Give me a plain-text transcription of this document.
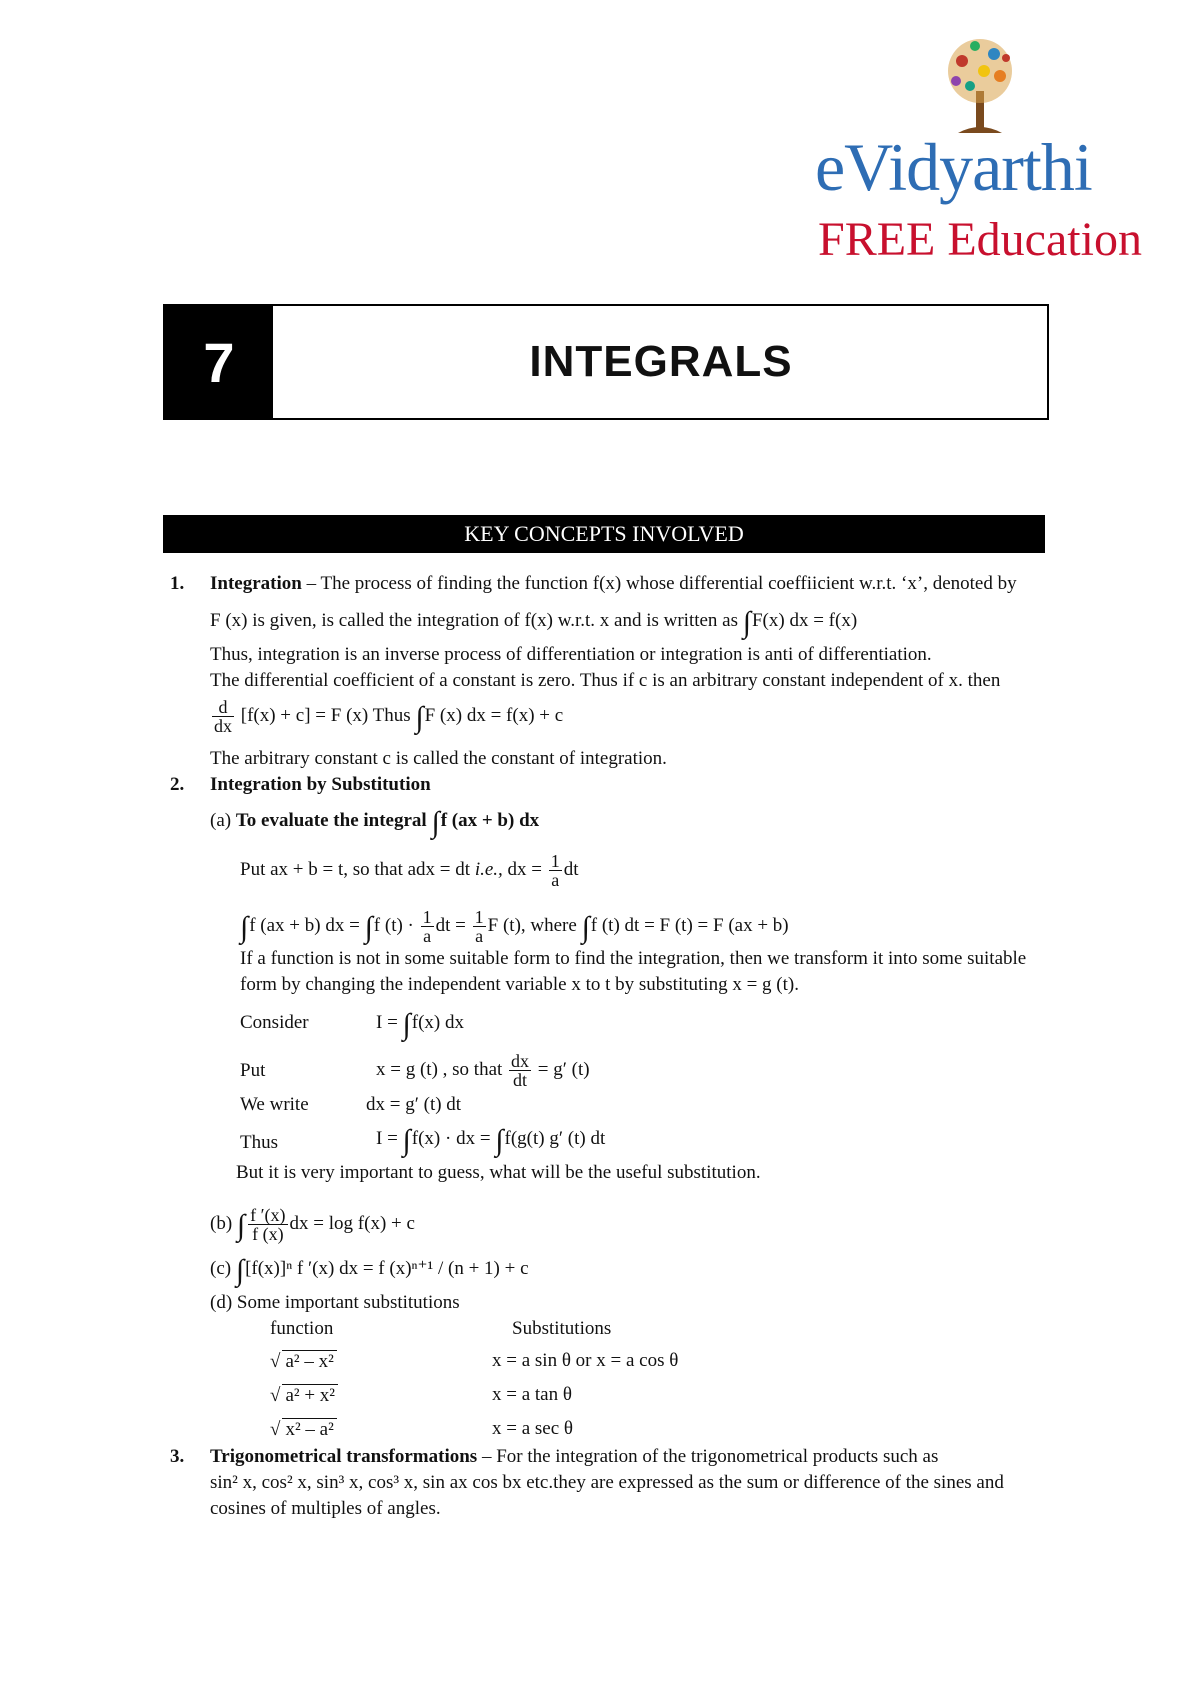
eVidyarthi
FREE Education
7	INTEGRALS
KEY CONCEPTS INVOLVED
1. Integration – The process of finding the function f(x) whose differential coeffiicient w.r.t. ‘x’, denoted by
F (x) is given, is called the integration of f(x) w.r.t. x and is written as ∫F(x) dx = f(x)
Thus, integration is an inverse process of differentiation or integration is anti of differentiation.
The differential coefficient of a constant is zero. Thus if c is an arbitrary constant independent of x. then
$\frac{d}{dx} [f(x) + c] = F$ (x) Thus ∫F (x) dx = f(x) + c
The arbitrary constant c is called the constant of integration.
2. Integration by Substitution
(a) To evaluate the integral ∫f (ax + b) dx
Put ax + b = t, so that adx = dt i.e., dx = $\frac{1}{a}$ dt
∫f (ax + b) dx = ∫f $(t) \cdot \frac{1}{a}$ dt = $\frac{1}{a}$ F (t), where ∫f (t) dt = F (t) = F (ax + b)
If a function is not in some suitable form to find the integration, then we transform it into some suitable
form by changing the independent variable x to t by substituting x = g (t).
Consider	I = ∫f(x) dx
Put	x = g (t) , so that $\frac{dx}{dt} = g'$ (t)
We write	dx = g′ (t) dt
Thus	I = ∫f(x) · dx = ∫f(g(t) g′ (t) dt
But it is very important to guess, what will be the useful substitution.
(b) ∫ $\frac{f '(x)}{f (x)}$ dx = log f(x) + c
(c) ∫[f(x)]ⁿ f ′(x) dx = f (x)ⁿ⁺¹ / (n + 1) + c
(d) Some important substitutions
function	Substitutions
√ a² – x²	x = a sin θ or x = a cos θ
√ a² + x²	x = a tan θ
√ x² – a²	x = a sec θ
3. Trigonometrical transformations – For the integration of the trigonometrical products such as
sin² x, cos² x, sin³ x, cos³ x, sin ax cos bx etc.they are expressed as the sum or difference of the sines and
cosines of multiples of angles.
